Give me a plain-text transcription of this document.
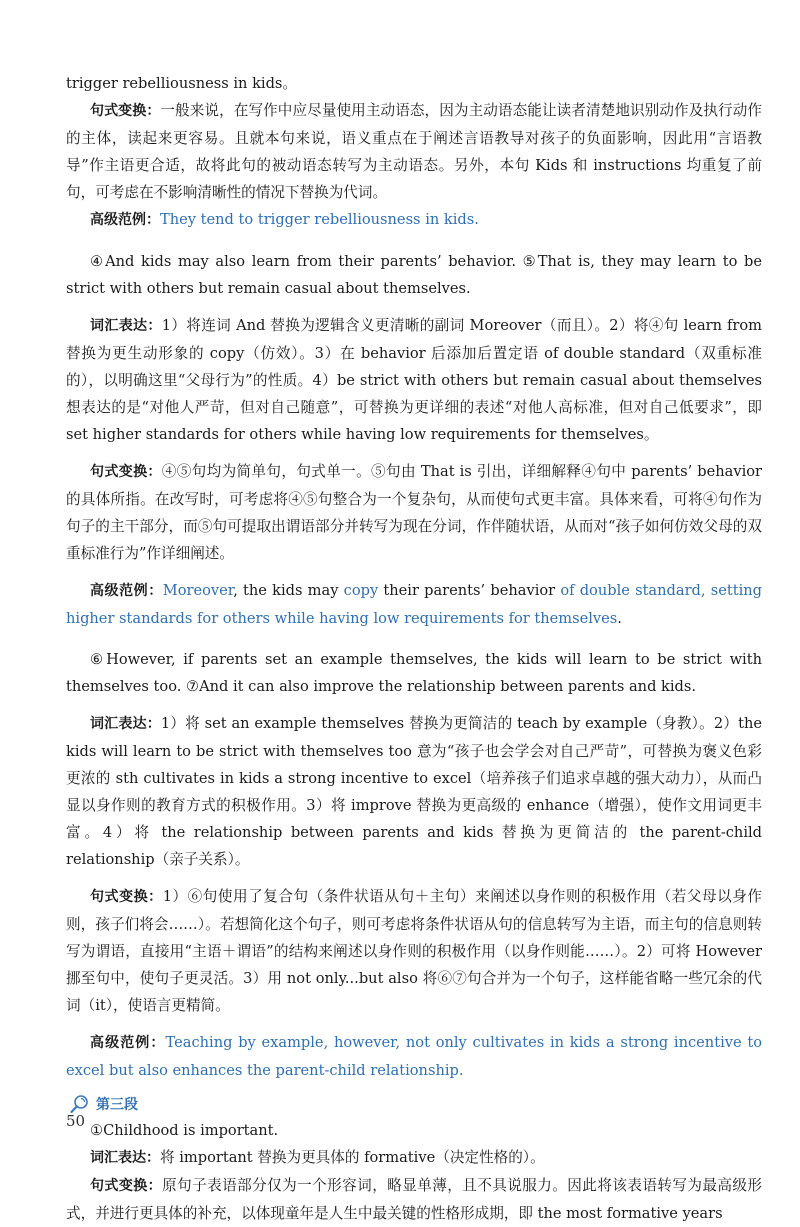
trigger rebelliousness in kids。

句式变换：一般来说，在写作中应尽量使用主动语态，因为主动语态能让读者清楚地识别动作及执行动作的主体，读起来更容易。且就本句来说，语义重点在于阐述言语教导对孩子的负面影响，因此用“言语教导”作主语更合适，故将此句的被动语态转写为主动语态。另外，本句 Kids 和 instructions 均重复了前句，可考虑在不影响清晰性的情况下替换为代词。

高级范例：They tend to trigger rebelliousness in kids.

④And kids may also learn from their parents’ behavior. ⑤That is, they may learn to be strict with others but remain casual about themselves.

词汇表达：1）将连词 And 替换为逻辑含义更清晰的副词 Moreover（而且）。2）将④句 learn from 替换为更生动形象的 copy（仿效）。3）在 behavior 后添加后置定语 of double standard（双重标准的），以明确这里“父母行为”的性质。4）be strict with others but remain casual about themselves 想表达的是“对他人严苛，但对自己随意”，可替换为更详细的表述“对他人高标准，但对自己低要求”，即 set higher standards for others while having low requirements for themselves。

句式变换：④⑤句均为简单句，句式单一。⑤句由 That is 引出，详细解释④句中 parents’ behavior 的具体所指。在改写时，可考虑将④⑤句整合为一个复杂句，从而使句式更丰富。具体来看，可将④句作为句子的主干部分，而⑤句可提取出谓语部分并转写为现在分词，作伴随状语，从而对“孩子如何仿效父母的双重标准行为”作详细阐述。

高级范例：Moreover, the kids may copy their parents’ behavior of double standard, setting higher standards for others while having low requirements for themselves.

⑥However, if parents set an example themselves, the kids will learn to be strict with themselves too. ⑦And it can also improve the relationship between parents and kids.

词汇表达：1）将 set an example themselves 替换为更简洁的 teach by example（身教）。2）the kids will learn to be strict with themselves too 意为“孩子也会学会对自己严苛”，可替换为褒义色彩更浓的 sth cultivates in kids a strong incentive to excel（培养孩子们追求卓越的强大动力），从而凸显以身作则的教育方式的积极作用。3）将 improve 替换为更高级的 enhance（增强），使作文用词更丰富。4）将 the relationship between parents and kids 替换为更简洁的 the parent-child relationship（亲子关系）。

句式变换：1）⑥句使用了复合句（条件状语从句＋主句）来阐述以身作则的积极作用（若父母以身作则，孩子们将会……）。若想简化这个句子，则可考虑将条件状语从句的信息转写为主语，而主句的信息则转写为谓语，直接用“主语＋谓语”的结构来阐述以身作则的积极作用（以身作则能……）。2）可将 However 挪至句中，使句子更灵活。3）用 not only...but also 将⑥⑦句合并为一个句子，这样能省略一些冗余的代词（it），使语言更精简。

高级范例：Teaching by example, however, not only cultivates in kids a strong incentive to excel but also enhances the parent-child relationship.

第三段

①Childhood is important.

词汇表达：将 important 替换为更具体的 formative（决定性格的）。

句式变换：原句子表语部分仅为一个形容词，略显单薄，且不具说服力。因此将该表语转写为最高级形式，并进行更具体的补充，以体现童年是人生中最关键的性格形成期，即 the most formative years

50
